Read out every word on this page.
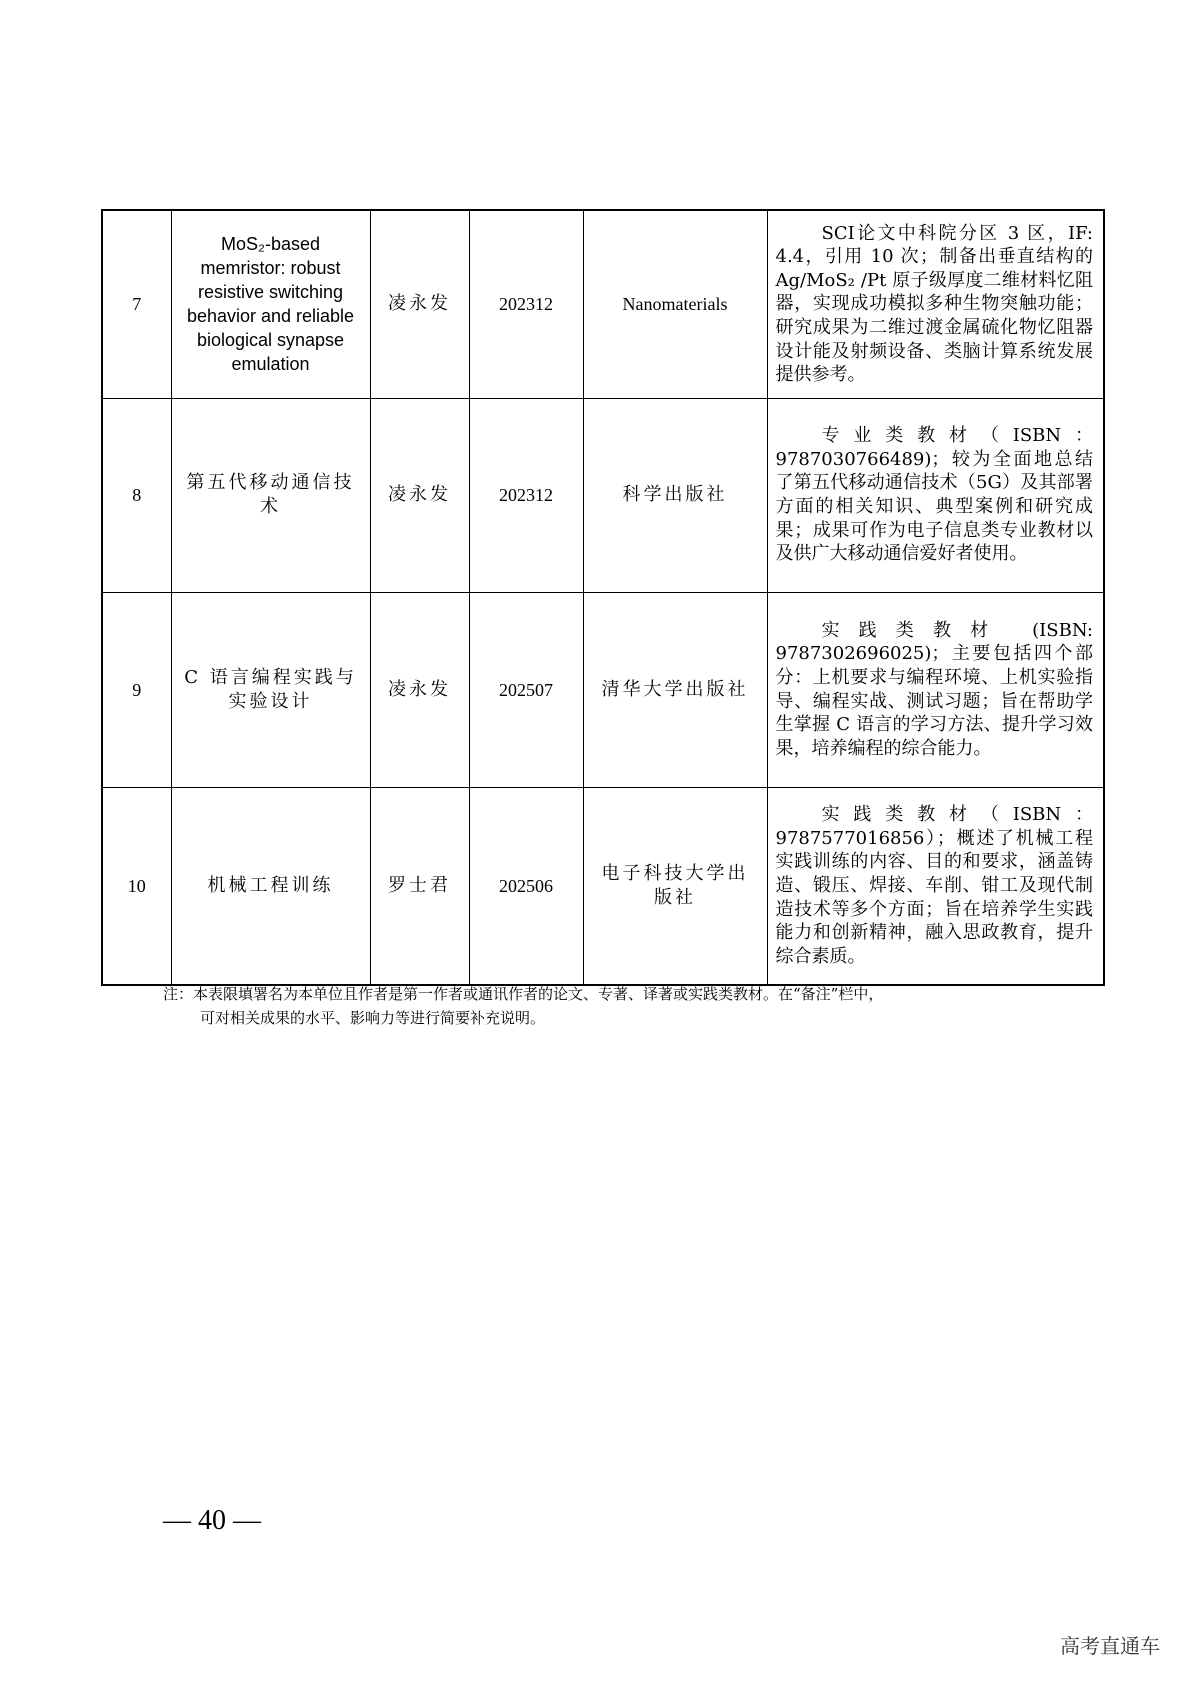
7	MoS₂-based memristor: robust resistive switching behavior and reliable biological synapse emulation	凌永发	202312	Nanomaterials	SCI论文中科院分区 3 区，IF: 4.4，引用 10 次；制备出垂直结构的 Ag/MoS₂ /Pt 原子级厚度二维材料忆阻器，实现成功模拟多种生物突触功能；研究成果为二维过渡金属硫化物忆阻器设计能及射频设备、类脑计算系统发展提供参考。

8	第五代移动通信技术	凌永发	202312	科学出版社	专业类教材（ISBN：9787030766489)；较为全面地总结了第五代移动通信技术（5G）及其部署方面的相关知识、典型案例和研究成果；成果可作为电子信息类专业教材以及供广大移动通信爱好者使用。

9	C 语言编程实践与实验设计	凌永发	202507	清华大学出版社	实践类教材 (ISBN: 9787302696025)；主要包括四个部分：上机要求与编程环境、上机实验指导、编程实战、测试习题；旨在帮助学生掌握 C 语言的学习方法、提升学习效果，培养编程的综合能力。

10	机械工程训练	罗士君	202506	电子科技大学出版社	实践类教材（ISBN：9787577016856）；概述了机械工程实践训练的内容、目的和要求，涵盖铸造、锻压、焊接、车削、钳工及现代制造技术等多个方面；旨在培养学生实践能力和创新精神，融入思政教育，提升综合素质。
注：本表限填署名为本单位且作者是第一作者或通讯作者的论文、专著、译著或实践类教材。在“备注”栏中，
可对相关成果的水平、影响力等进行简要补充说明。
— 40 —
高考直通车
